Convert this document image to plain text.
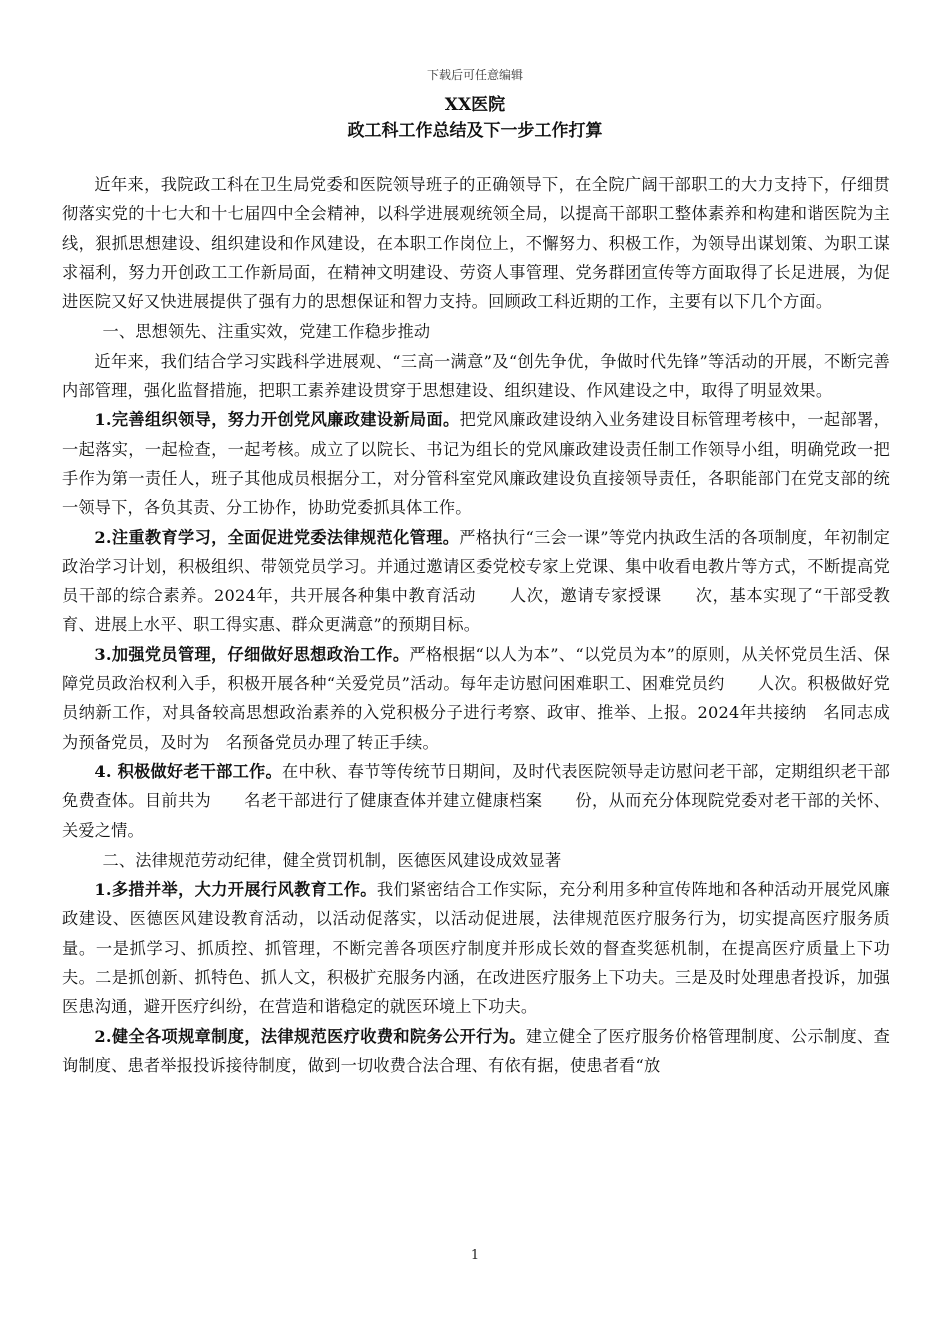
下载后可任意编辑
XX医院
政工科工作总结及下一步工作打算

近年来，我院政工科在卫生局党委和医院领导班子的正确领导下，在全院广阔干部职工的大力支持下，仔细贯彻落实党的十七大和十七届四中全会精神，以科学进展观统领全局，以提高干部职工整体素养和构建和谐医院为主线，狠抓思想建设、组织建设和作风建设，在本职工作岗位上，不懈努力、积极工作，为领导出谋划策、为职工谋求福利，努力开创政工工作新局面，在精神文明建设、劳资人事管理、党务群团宣传等方面取得了长足进展，为促进医院又好又快进展提供了强有力的思想保证和智力支持。回顾政工科近期的工作，主要有以下几个方面。

一、思想领先、注重实效，党建工作稳步推动

近年来，我们结合学习实践科学进展观、“三高一满意”及“创先争优，争做时代先锋”等活动的开展，不断完善内部管理，强化监督措施，把职工素养建设贯穿于思想建设、组织建设、作风建设之中，取得了明显效果。

1.完善组织领导，努力开创党风廉政建设新局面。把党风廉政建设纳入业务建设目标管理考核中，一起部署，一起落实，一起检查，一起考核。成立了以院长、书记为组长的党风廉政建设责任制工作领导小组，明确党政一把手作为第一责任人，班子其他成员根据分工，对分管科室党风廉政建设负直接领导责任，各职能部门在党支部的统一领导下，各负其责、分工协作，协助党委抓具体工作。

2.注重教育学习，全面促进党委法律规范化管理。严格执行“三会一课”等党内执政生活的各项制度，年初制定政治学习计划，积极组织、带领党员学习。并通过邀请区委党校专家上党课、集中收看电教片等方式，不断提高党员干部的综合素养。2024年，共开展各种集中教育活动　　人次，邀请专家授课　　次，基本实现了“干部受教育、进展上水平、职工得实惠、群众更满意”的预期目标。

3.加强党员管理，仔细做好思想政治工作。严格根据“以人为本”、“以党员为本”的原则，从关怀党员生活、保障党员政治权利入手，积极开展各种“关爱党员”活动。每年走访慰问困难职工、困难党员约　　人次。积极做好党员纳新工作，对具备较高思想政治素养的入党积极分子进行考察、政审、推举、上报。2024年共接纳　名同志成为预备党员，及时为　名预备党员办理了转正手续。

4. 积极做好老干部工作。在中秋、春节等传统节日期间，及时代表医院领导走访慰问老干部，定期组织老干部免费查体。目前共为　　名老干部进行了健康查体并建立健康档案　　份，从而充分体现院党委对老干部的关怀、关爱之情。

二、法律规范劳动纪律，健全赏罚机制，医德医风建设成效显著

1.多措并举，大力开展行风教育工作。我们紧密结合工作实际，充分利用多种宣传阵地和各种活动开展党风廉政建设、医德医风建设教育活动，以活动促落实，以活动促进展，法律规范医疗服务行为，切实提高医疗服务质量。一是抓学习、抓质控、抓管理，不断完善各项医疗制度并形成长效的督查奖惩机制，在提高医疗质量上下功夫。二是抓创新、抓特色、抓人文，积极扩充服务内涵，在改进医疗服务上下功夫。三是及时处理患者投诉，加强医患沟通，避开医疗纠纷，在营造和谐稳定的就医环境上下功夫。

2.健全各项规章制度，法律规范医疗收费和院务公开行为。建立健全了医疗服务价格管理制度、公示制度、查询制度、患者举报投诉接待制度，做到一切收费合法合理、有依有据，使患者看“放

1
